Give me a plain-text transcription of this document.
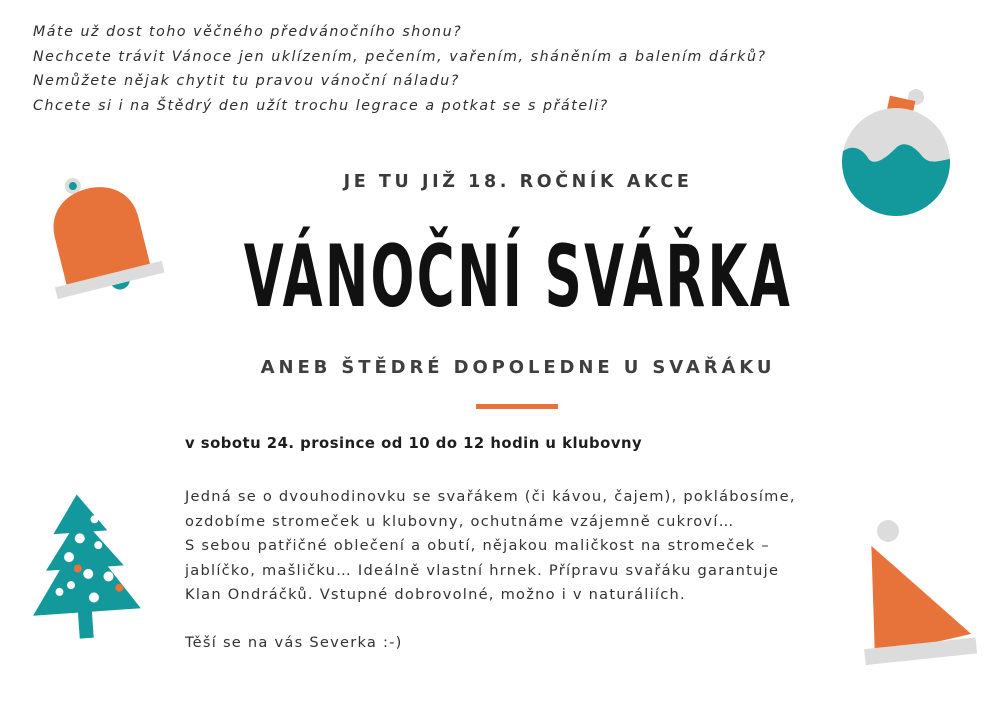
Máte už dost toho věčného předvánočního shonu?
Nechcete trávit Vánoce jen uklízením, pečením, vařením, sháněním a balením dárků?
Nemůžete nějak chytit tu pravou vánoční náladu?
Chcete si i na Štědrý den užít trochu legrace a potkat se s přáteli?
JE TU JIŽ 18. ROČNÍK AKCE
VÁNOČNÍ SVÁŘKA
ANEB ŠTĚDRÉ DOPOLEDNE U SVAŘÁKU
v sobotu 24. prosince od 10 do 12 hodin u klubovny
Jedná se o dvouhodinovku se svařákem (či kávou, čajem), poklábosíme,
ozdobíme stromeček u klubovny, ochutnáme vzájemně cukroví…
S sebou patřičné oblečení a obutí, nějakou maličkost na stromeček –
jablíčko, mašličku… Ideálně vlastní hrnek. Přípravu svařáku garantuje
Klan Ondráčků. Vstupné dobrovolné, možno i v naturáliích.
Těší se na vás Severka :-)
